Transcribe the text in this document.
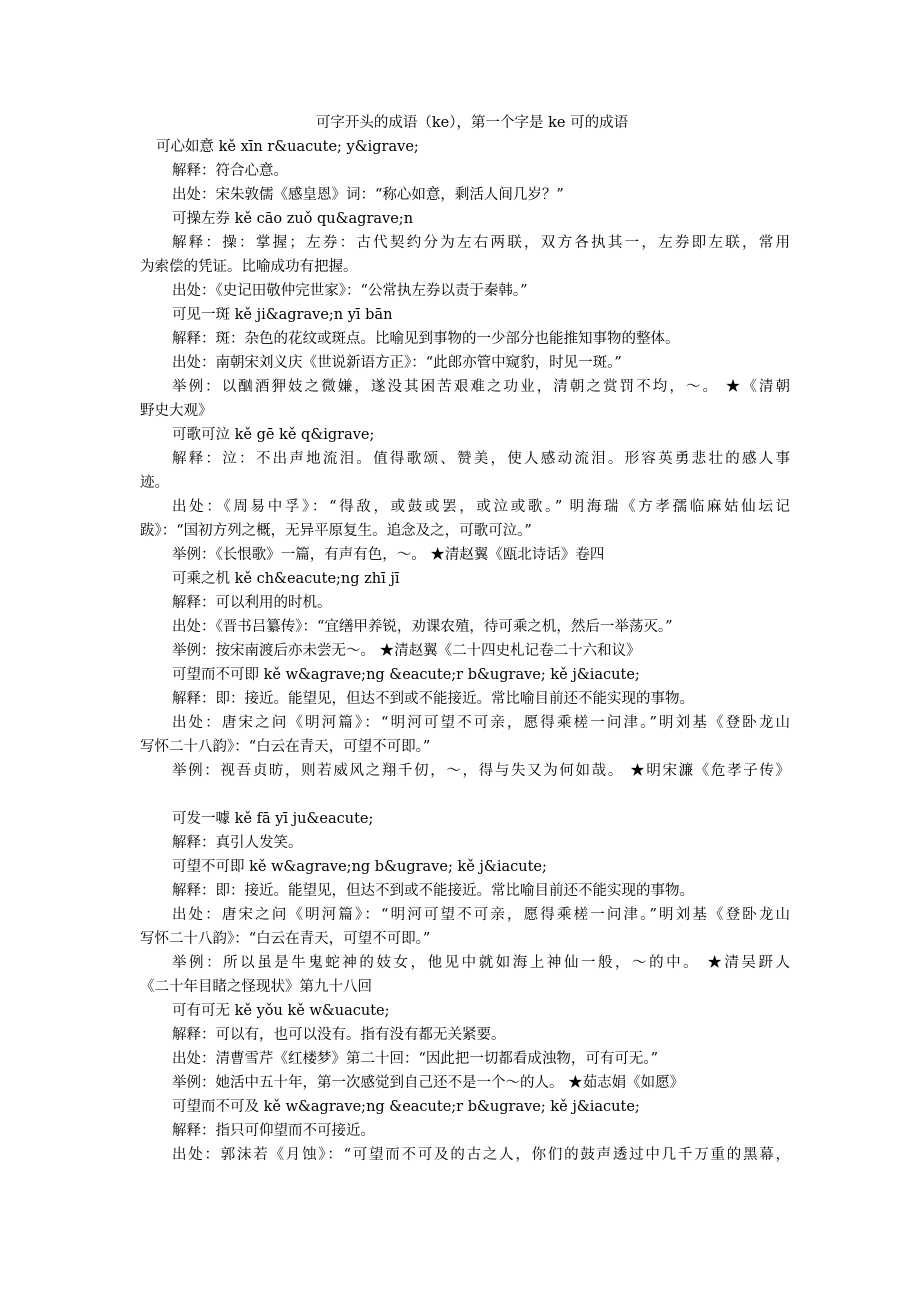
可字开头的成语（ke），第一个字是 ke 可的成语

可心如意 kě xīn r&uacute; y&igrave;

解释：符合心意。

出处：宋朱敦儒《感皇恩》词：“称心如意，剩活人间几岁？”

可操左券 kě cāo zuǒ qu&agrave;n

解释：操：掌握；左券：古代契约分为左右两联，双方各执其一，左券即左联，常用

为索偿的凭证。比喻成功有把握。

出处：《史记田敬仲完世家》：“公常执左券以责于秦韩。”

可见一斑 kě ji&agrave;n yī bān

解释：斑：杂色的花纹或斑点。比喻见到事物的一少部分也能推知事物的整体。

出处：南朝宋刘义庆《世说新语方正》：“此郎亦管中窥豹，时见一斑。”

举例：以酗酒狎妓之微嫌，遂没其困苦艰难之功业，清朝之赏罚不均，～。 ★《清朝

野史大观》

可歌可泣 kě gē kě q&igrave;

解释：泣：不出声地流泪。值得歌颂、赞美，使人感动流泪。形容英勇悲壮的感人事

迹。

出处：《周易中孚》：“得敌，或鼓或罢，或泣或歌。” 明海瑞《方孝孺临麻姑仙坛记

跋》：“国初方列之概，无异平原复生。追念及之，可歌可泣。”

举例：《长恨歌》一篇，有声有色，～。 ★清赵翼《瓯北诗话》卷四

可乘之机 kě ch&eacute;ng zhī jī

解释：可以利用的时机。

出处：《晋书吕纂传》：“宜缮甲养锐，劝课农殖，待可乘之机，然后一举荡灭。”

举例：按宋南渡后亦未尝无～。 ★清赵翼《二十四史札记卷二十六和议》

可望而不可即 kě w&agrave;ng &eacute;r b&ugrave; kě j&iacute;

解释：即：接近。能望见，但达不到或不能接近。常比喻目前还不能实现的事物。

出处：唐宋之问《明河篇》：“明河可望不可亲，愿得乘槎一问津。”明刘基《登卧龙山

写怀二十八韵》：“白云在青天，可望不可即。”

举例：视吾贞昉，则若威风之翔千仞，～，得与失又为何如哉。 ★明宋濂《危孝子传》

可发一噱 kě fā yī ju&eacute;

解释：真引人发笑。

可望不可即 kě w&agrave;ng b&ugrave; kě j&iacute;

解释：即：接近。能望见，但达不到或不能接近。常比喻目前还不能实现的事物。

出处：唐宋之问《明河篇》：“明河可望不可亲，愿得乘槎一问津。”明刘基《登卧龙山

写怀二十八韵》：“白云在青天，可望不可即。”

举例：所以虽是牛鬼蛇神的妓女，他见中就如海上神仙一般，～的中。 ★清吴趼人

《二十年目睹之怪现状》第九十八回

可有可无 kě yǒu kě w&uacute;

解释：可以有，也可以没有。指有没有都无关紧要。

出处：清曹雪芹《红楼梦》第二十回：“因此把一切都看成浊物，可有可无。”

举例：她活中五十年，第一次感觉到自己还不是一个～的人。 ★茹志娟《如愿》

可望而不可及 kě w&agrave;ng &eacute;r b&ugrave; kě j&iacute;

解释：指只可仰望而不可接近。

出处：郭沫若《月蚀》：“可望而不可及的古之人，你们的鼓声透过中几千万重的黑幕，
